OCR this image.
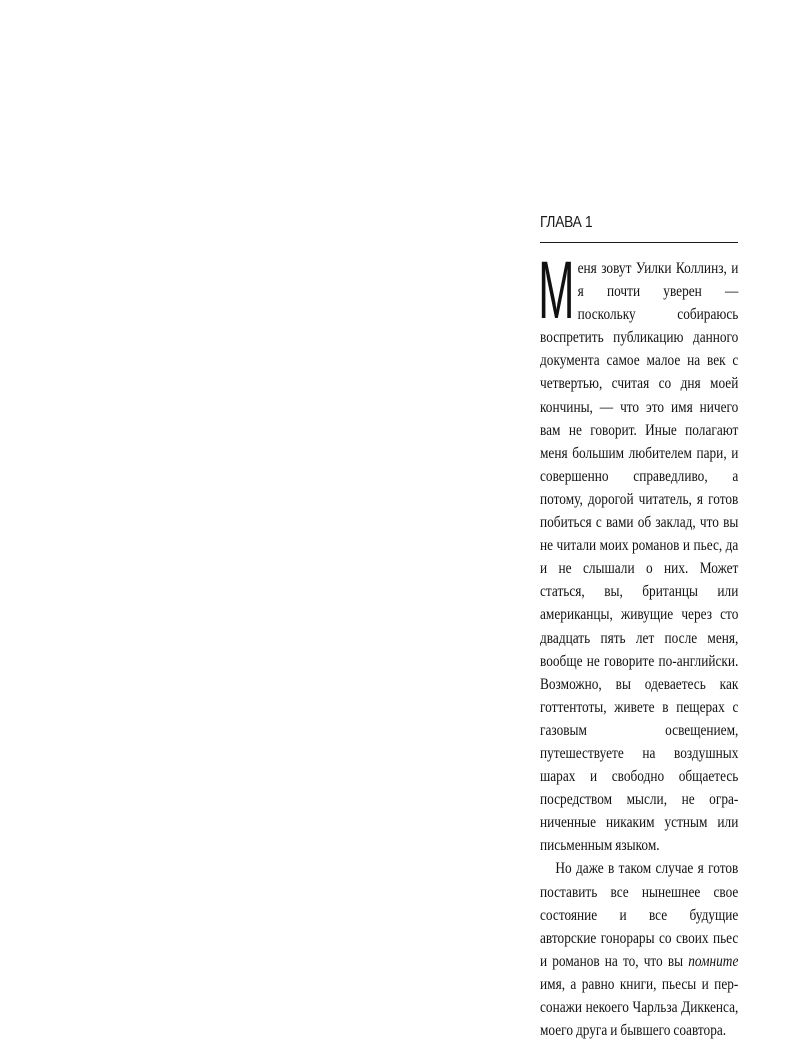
ГЛАВА 1

Меня зовут Уилки Коллинз, и я почти уверен — поскольку собираюсь воспретить публикацию данного документа самое малое на век с четвертью, считая со дня моей кончины, — что это имя ничего вам не говорит. Иные полагают меня большим любителем пари, и совершенно справедливо, а потому, дорогой читатель, я готов побиться с вами об заклад, что вы не читали моих романов и пьес, да и не слышали о них. Может статься, вы, британцы или американцы, живущие через сто двадцать пять лет после меня, вообще не говорите по-английски. Возможно, вы одеваетесь как готтентоты, живете в пещерах с газовым освещением, путешествуете на воздушных шарах и свободно общаетесь посредством мысли, не ограниченные никаким устным или письменным языком.

Но даже в таком случае я готов поставить все нынешнее свое состояние и все будущие авторские гонорары со своих пьес и романов на то, что вы помните имя, а равно книги, пьесы и персонажи некоего Чарльза Диккенса, моего друга и бывшего соавтора.
